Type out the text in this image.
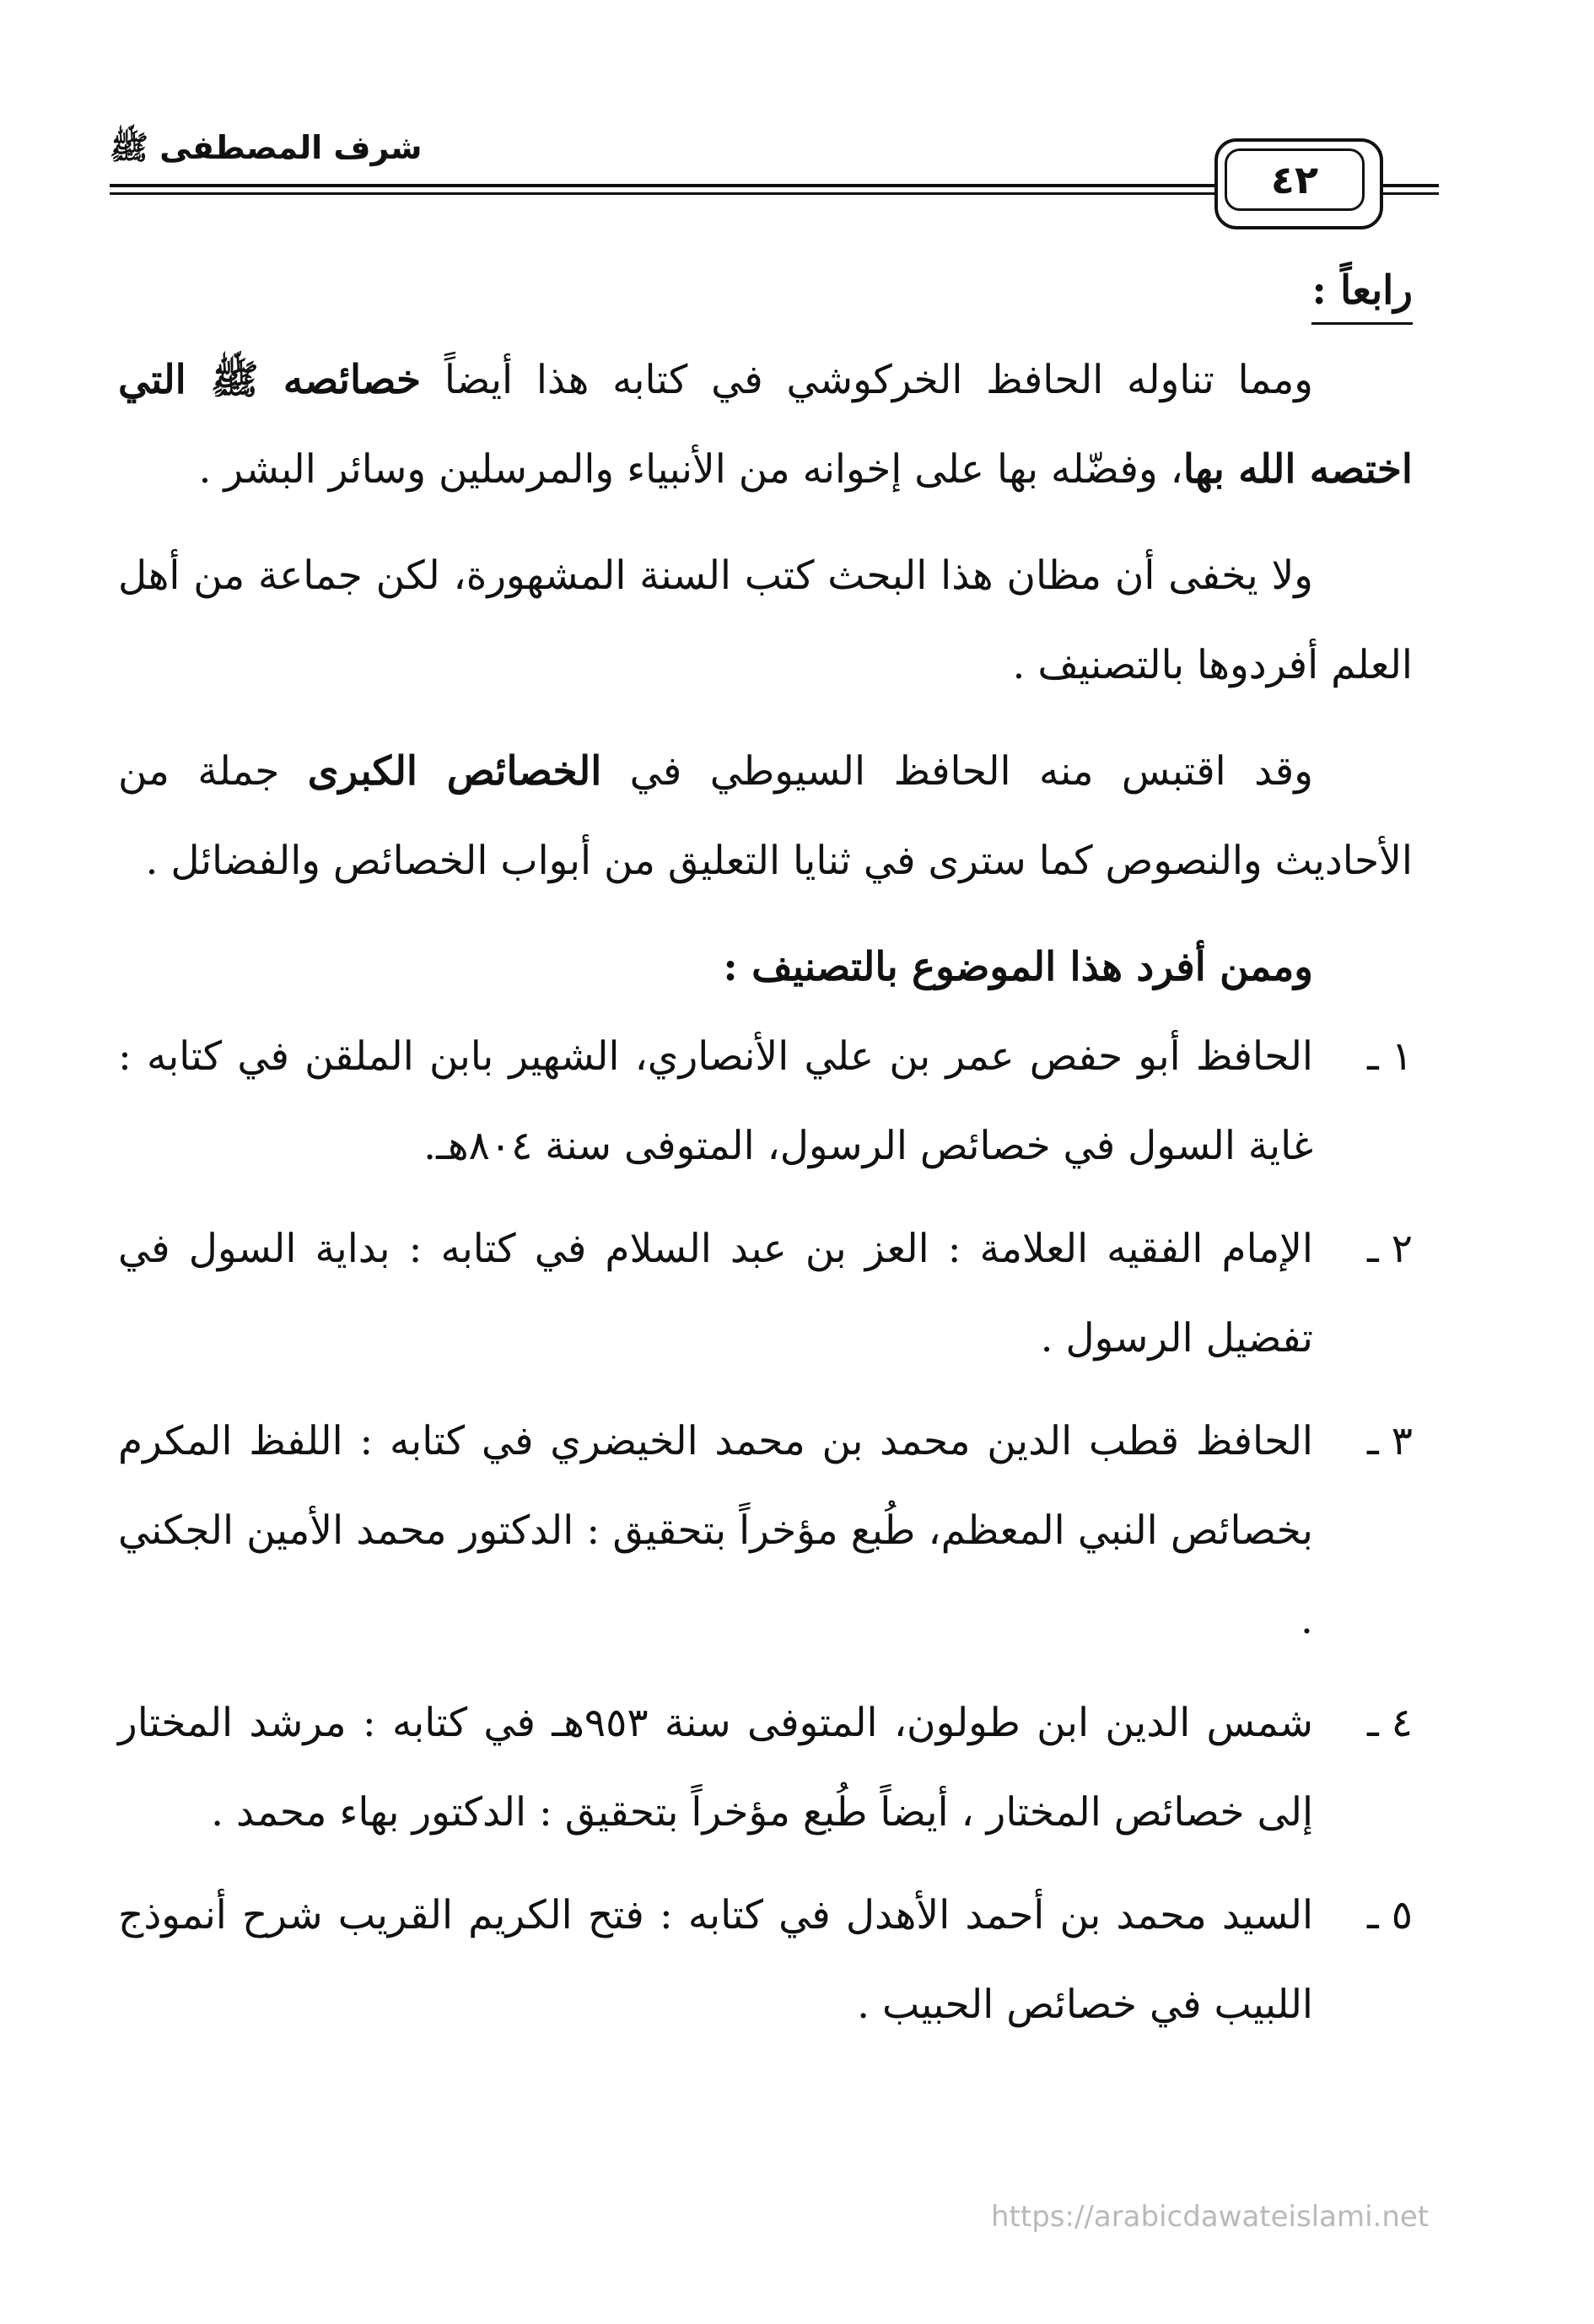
شرف المصطفى ﷺ
٤٢
رابعاً :

ومما تناوله الحافظ الخركوشي في كتابه هذا أيضاً خصائصه ﷺ التي اختصه الله بها، وفضّله بها على إخوانه من الأنبياء والمرسلين وسائر البشر .

ولا يخفى أن مظان هذا البحث كتب السنة المشهورة، لكن جماعة من أهل العلم أفردوها بالتصنيف .

وقد اقتبس منه الحافظ السيوطي في الخصائص الكبرى جملة من الأحاديث والنصوص كما سترى في ثنايا التعليق من أبواب الخصائص والفضائل .

وممن أفرد هذا الموضوع بالتصنيف :

١ ـالحافظ أبو حفص عمر بن علي الأنصاري، الشهير بابن الملقن في كتابه : غاية السول في خصائص الرسول، المتوفى سنة ٨٠٤هـ.

٢ ـالإمام الفقيه العلامة : العز بن عبد السلام في كتابه : بداية السول في تفضيل الرسول .

٣ ـالحافظ قطب الدين محمد بن محمد الخيضري في كتابه : اللفظ المكرم بخصائص النبي المعظم، طُبع مؤخراً بتحقيق : الدكتور محمد الأمين الجكني .

٤ ـشمس الدين ابن طولون، المتوفى سنة ٩٥٣هـ في كتابه : مرشد المختار إلى خصائص المختار ، أيضاً طُبع مؤخراً بتحقيق : الدكتور بهاء محمد .

٥ ـالسيد محمد بن أحمد الأهدل في كتابه : فتح الكريم القريب شرح أنموذج اللبيب في خصائص الحبيب .

https://arabicdawateislami.net
